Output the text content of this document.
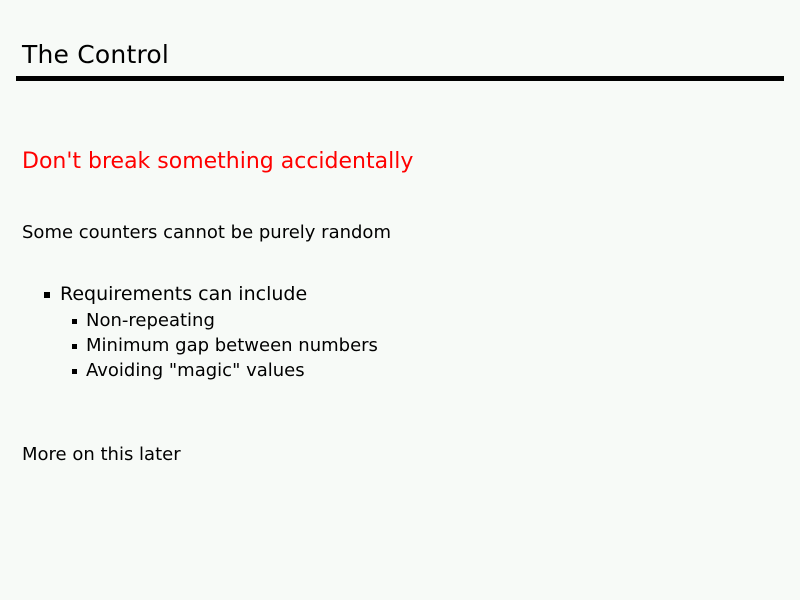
The Control
Don't break something accidentally
Some counters cannot be purely random
Requirements can include
Non-repeating
Minimum gap between numbers
Avoiding "magic" values
More on this later
